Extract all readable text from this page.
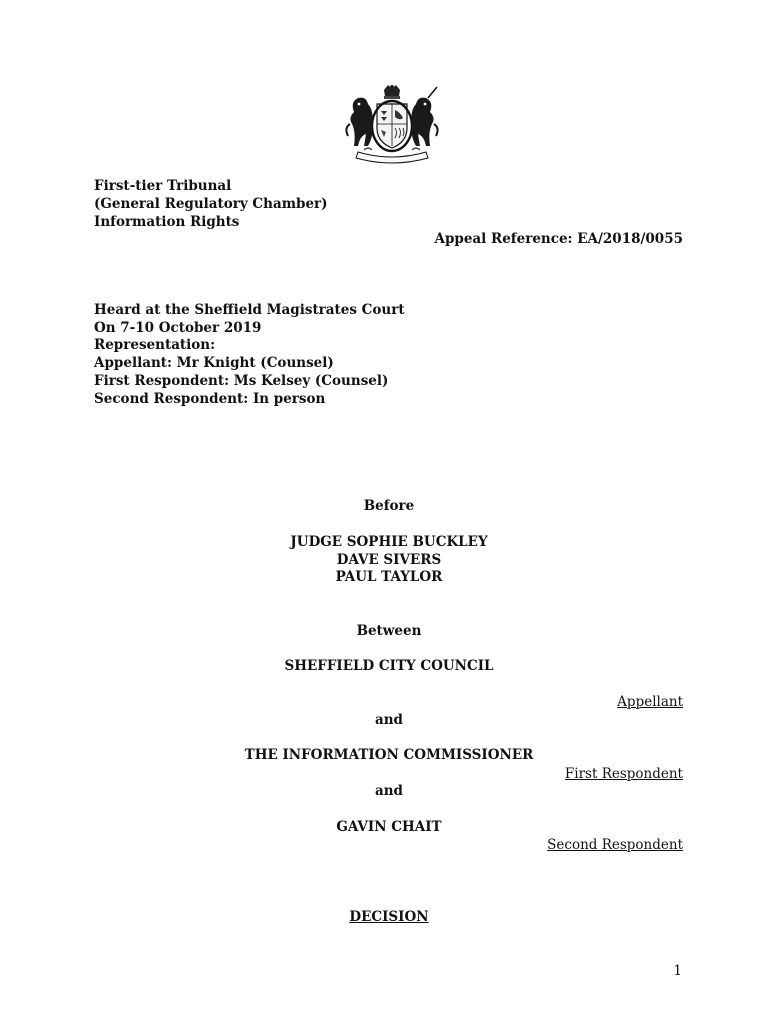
First-tier Tribunal
(General Regulatory Chamber)
Information Rights
Appeal Reference: EA/2018/0055
Heard at the Sheffield Magistrates Court
On 7-10 October 2019
Representation:
Appellant: Mr Knight (Counsel)
First Respondent: Ms Kelsey (Counsel)
Second Respondent: In person
Before
JUDGE SOPHIE BUCKLEY
DAVE SIVERS
PAUL TAYLOR
Between
SHEFFIELD CITY COUNCIL
Appellant
and
THE INFORMATION COMMISSIONER
First Respondent
and
GAVIN CHAIT
Second Respondent
DECISION
1
